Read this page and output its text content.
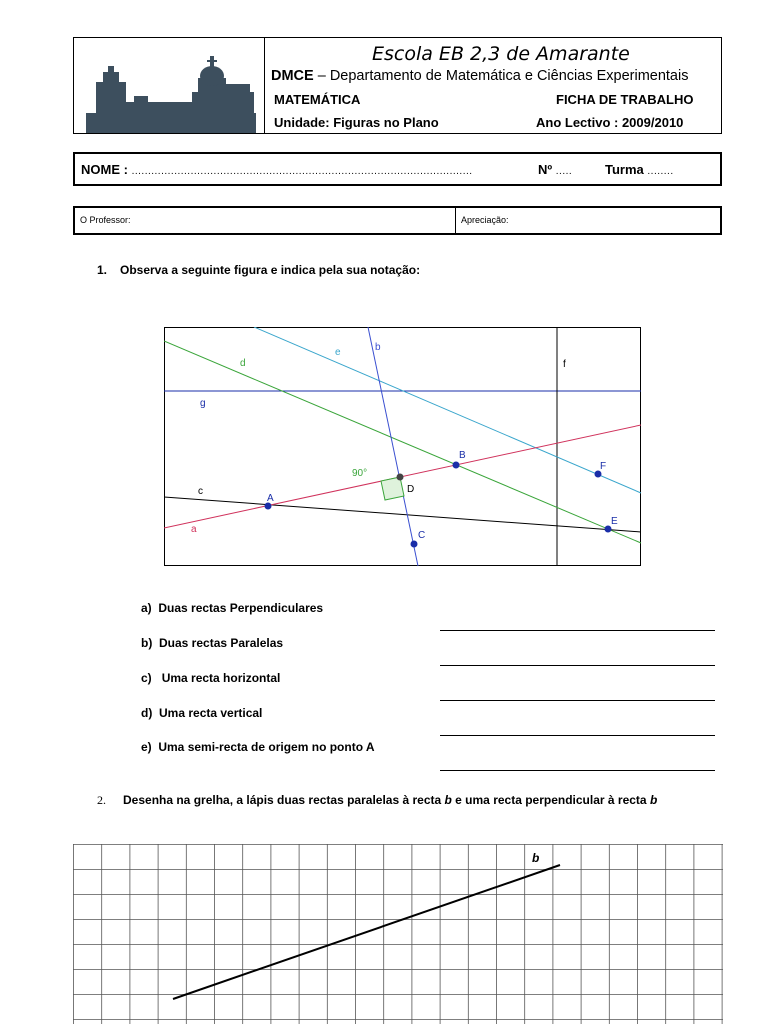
Escola EB 2,3 de Amarante
DMCE – Departamento de Matemática e Ciências Experimentais
MATEMÁTICA	FICHA DE TRABALHO
Unidade: Figuras no Plano	Ano Lectivo : 2009/2010
NOME : ........................................................................................................	Nº .....	Turma ........
O Professor:	Apreciação:
1. Observa a seguinte figura e indica pela sua notação:
a
b
c
d
e
f
g
A
B
C
D
E
F
90°
a) Duas rectas Perpendiculares
b) Duas rectas Paralelas
c) Uma recta horizontal
d) Uma recta vertical
e) Uma semi-recta de origem no ponto A
2. Desenha na grelha, a lápis duas rectas paralelas à recta b e uma recta perpendicular à recta b
b
